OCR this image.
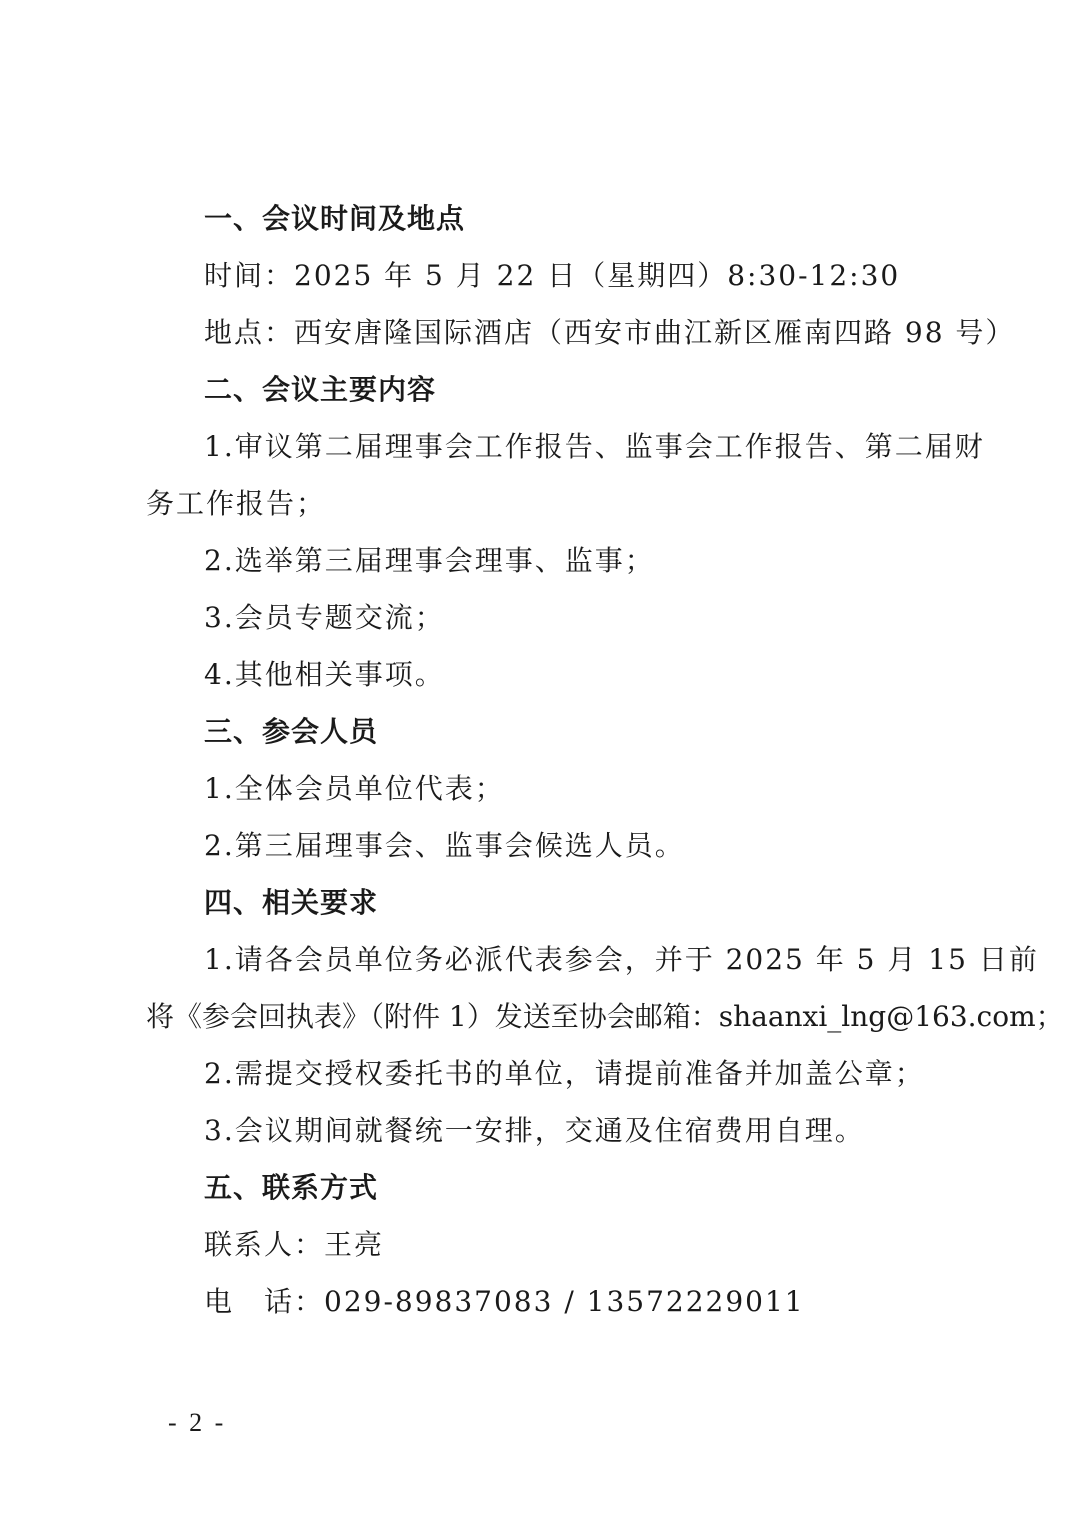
一、会议时间及地点
时间：2025 年 5 月 22 日（星期四）8:30-12:30
地点：西安唐隆国际酒店（西安市曲江新区雁南四路 98 号）
二、会议主要内容
1.审议第二届理事会工作报告、监事会工作报告、第二届财
务工作报告；
2.选举第三届理事会理事、监事；
3.会员专题交流；
4.其他相关事项。
三、参会人员
1.全体会员单位代表；
2.第三届理事会、监事会候选人员。
四、相关要求
1.请各会员单位务必派代表参会，并于 2025 年 5 月 15 日前
将《参会回执表》（附件 1）发送至协会邮箱：shaanxi_lng@163.com；
2.需提交授权委托书的单位，请提前准备并加盖公章；
3.会议期间就餐统一安排，交通及住宿费用自理。
五、联系方式
联系人：王亮
电　话：029-89837083 / 13572229011
- 2 -
